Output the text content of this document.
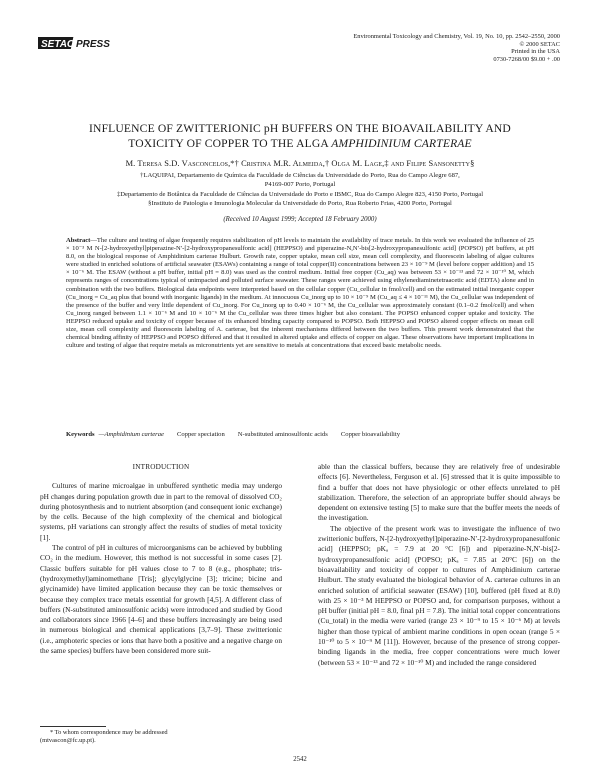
SETAC PRESS
Environmental Toxicology and Chemistry, Vol. 19, No. 10, pp. 2542–2550, 2000
© 2000 SETAC
Printed in the USA
0730-7268/00 $9.00 + .00
INFLUENCE OF ZWITTERIONIC pH BUFFERS ON THE BIOAVAILABILITY AND
TOXICITY OF COPPER TO THE ALGA AMPHIDINIUM CARTERAE
M. Teresa S.D. Vasconcelos,*† Cristina M.R. Almeida,† Olga M. Lage,‡ and Filipe Sansonetty§
†LAQUIPAI, Departamento de Química da Faculdade de Ciências da Universidade do Porto, Rua do Campo Alegre 687,
P4169-007 Porto, Portugal
‡Departamento de Botânica da Faculdade de Ciências da Universidade do Porto e IBMC, Rua do Campo Alegre 823, 4150 Porto, Portugal
§Instituto de Patologia e Imunologia Molecular da Universidade do Porto, Rua Roberto Frias, 4200 Porto, Portugal
(Received 10 August 1999; Accepted 18 February 2000)
Abstract—The culture and testing of algae frequently requires stabilization of pH levels to maintain the availability of trace metals. In this work we evaluated the influence of 25 × 10⁻³ M N-[2-hydroxyethyl]piperazine-N′-[2-hydroxypropanesulfonic acid] (HEPPSO) and piperazine-N,N′-bis[2-hydroxypropanesulfonic acid] (POPSO) pH buffers, at pH 8.0, on the biological response of Amphidinium carterae Hulburt. Growth rate, copper uptake, mean cell size, mean cell complexity, and fluorescein labeling of algae cultures were studied in enriched solutions of artificial seawater (ESAWs) containing a range of total copper(II) concentrations between 23 × 10⁻⁹ M (level before copper addition) and 15 × 10⁻⁶ M. The ESAW (without a pH buffer, initial pH = 8.0) was used as the control medium. Initial free copper (Cu_aq) was between 53 × 10⁻¹³ and 72 × 10⁻¹⁰ M, which represents ranges of concentrations typical of unimpacted and polluted surface seawater. These ranges were achieved using ethylenediaminetetraacetic acid (EDTA) alone and in combination with the two buffers. Biological data endpoints were interpreted based on the cellular copper (Cu_cellular in fmol/cell) and on the estimated initial inorganic copper (Cu_inorg = Cu_aq plus that bound with inorganic ligands) in the medium. At innocuous Cu_inorg up to 10 × 10⁻⁹ M (Cu_aq ≤ 4 × 10⁻¹¹ M), the Cu_cellular was independent of the presence of the buffer and very little dependent of Cu_inorg. For Cu_inorg up to 0.40 × 10⁻⁶ M, the Cu_cellular was approximately constant (0.1–0.2 fmol/cell) and when Cu_inorg ranged between 1.1 × 10⁻⁶ M and 10 × 10⁻⁶ M the Cu_cellular was three times higher but also constant. The POPSO enhanced copper uptake and toxicity. The HEPPSO reduced uptake and toxicity of copper because of its enhanced binding capacity compared to POPSO. Both HEPPSO and POPSO altered copper effects on mean cell size, mean cell complexity and fluorescein labeling of A. carterae, but the inherent mechanisms differed between the two buffers. This present work demonstrated that the chemical binding affinity of HEPPSO and POPSO differed and that it resulted in altered uptake and effects of copper on algae. These observations have important implications in culture and testing of algae that require metals as micronutrients yet are sensitive to metals at concentrations that exceed basic metabolic needs.
Keywords —Amphidinium carterae Copper speciation N-substituted aminosulfonic acids Copper bioavailability
INTRODUCTION

Cultures of marine microalgae in unbuffered synthetic media may undergo pH changes during population growth due in part to the removal of dissolved CO₂ during photosynthesis and to nutrient absorption (and consequent ionic exchange) by the cells. Because of the high complexity of the chemical and biological systems, pH variations can strongly affect the results of studies of metal toxicity [1].

The control of pH in cultures of microorganisms can be achieved by bubbling CO₂ in the medium. However, this method is not successful in some cases [2]. Classic buffers suitable for pH values close to 7 to 8 (e.g., phosphate; tris-(hydroxymethyl)aminomethane [Tris]; glycylglycine [3]; tricine; bicine and glycinamide) have limited application because they can be toxic themselves or because they complex trace metals essential for growth [4,5]. A different class of buffers (N-substituted aminosulfonic acids) were introduced and studied by Good and collaborators since 1966 [4–6] and these buffers increasingly are being used in numerous biological and chemical applications [3,7–9]. These zwitterionic (i.e., amphoteric species or ions that have both a positive and a negative charge on the same species) buffers have been considered more suit-

able than the classical buffers, because they are relatively free of undesirable effects [6]. Nevertheless, Ferguson et al. [6] stressed that it is quite impossible to find a buffer that does not have physiologic or other effects unrelated to pH stabilization. Therefore, the selection of an appropriate buffer should always be dependent on extensive testing [5] to make sure that the buffer meets the needs of the investigation.

The objective of the present work was to investigate the influence of two zwitterionic buffers, N-[2-hydroxyethyl]piperazine-N′-[2-hydroxypropanesulfonic acid] (HEPPSO; pKₐ = 7.9 at 20 °C [6]) and piperazine-N,N′-bis[2-hydroxypropanesulfonic acid] (POPSO; pKₐ = 7.85 at 20°C [6]) on the bioavailability and toxicity of copper to cultures of Amphidinium carterae Hulburt. The study evaluated the biological behavior of A. carterae cultures in an enriched solution of artificial seawater (ESAW) [10], buffered (pH fixed at 8.0) with 25 × 10⁻³ M HEPPSO or POPSO and, for comparison purposes, without a pH buffer (initial pH = 8.0, final pH = 7.8). The initial total copper concentrations (Cu_total) in the media were varied (range 23 × 10⁻⁹ to 15 × 10⁻⁶ M) at levels higher than those typical of ambient marine conditions in open ocean (range 5 × 10⁻¹⁰ to 5 × 10⁻⁹ M [11]). However, because of the presence of strong copper-binding ligands in the media, free copper concentrations were much lower (between 53 × 10⁻¹³ and 72 × 10⁻¹⁰ M) and included the range considered

* To whom correspondence may be addressed
(mtvascon@fc.up.pt).
2542
